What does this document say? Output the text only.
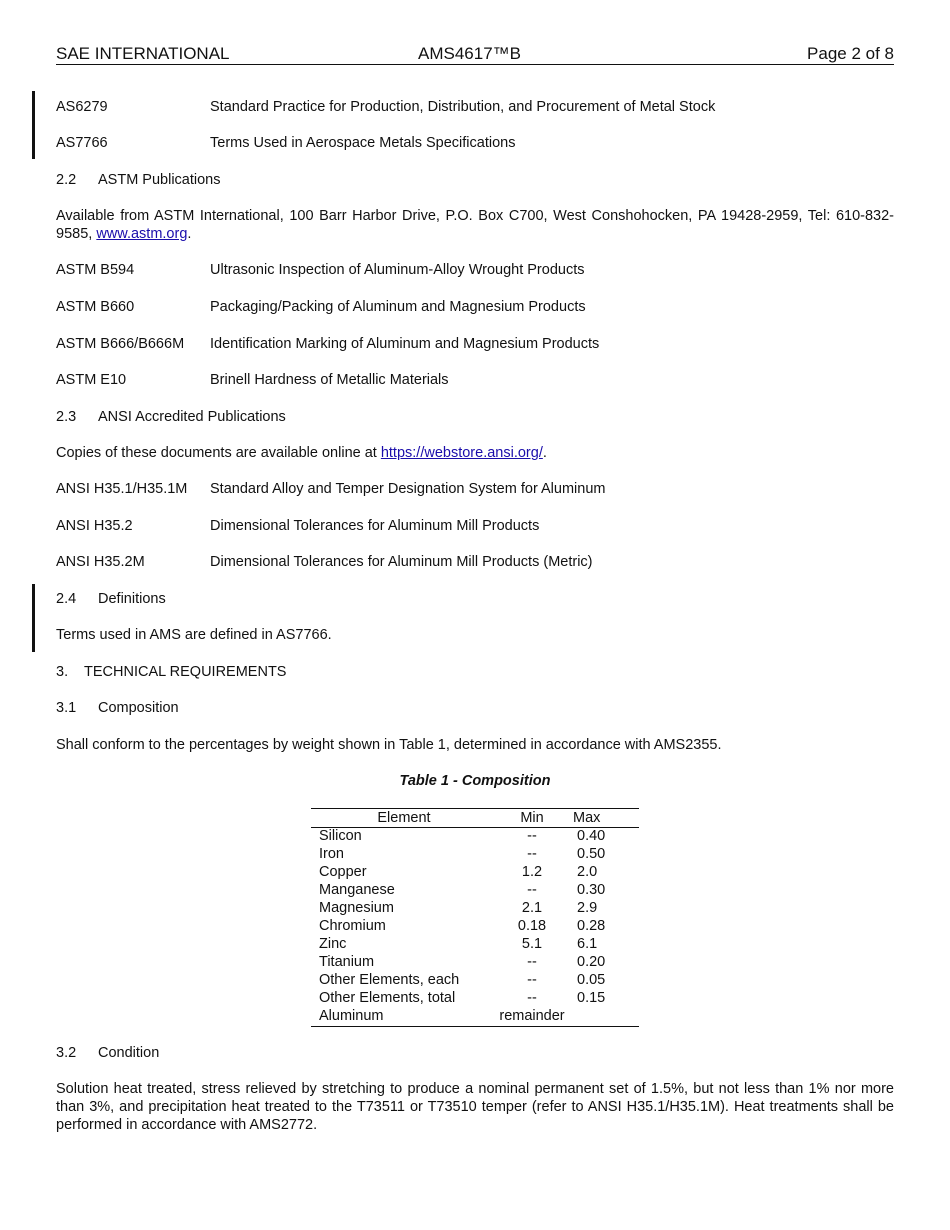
SAE INTERNATIONAL	AMS4617™B	Page 2 of 8
AS6279	Standard Practice for Production, Distribution, and Procurement of Metal Stock
AS7766	Terms Used in Aerospace Metals Specifications
2.2 ASTM Publications
Available from ASTM International, 100 Barr Harbor Drive, P.O. Box C700, West Conshohocken, PA 19428-2959, Tel: 610-832-9585, www.astm.org.
ASTM B594	Ultrasonic Inspection of Aluminum-Alloy Wrought Products
ASTM B660	Packaging/Packing of Aluminum and Magnesium Products
ASTM B666/B666M Identification Marking of Aluminum and Magnesium Products
ASTM E10	Brinell Hardness of Metallic Materials
2.3 ANSI Accredited Publications
Copies of these documents are available online at https://webstore.ansi.org/.
ANSI H35.1/H35.1M Standard Alloy and Temper Designation System for Aluminum
ANSI H35.2	Dimensional Tolerances for Aluminum Mill Products
ANSI H35.2M	Dimensional Tolerances for Aluminum Mill Products (Metric)
2.4 Definitions
Terms used in AMS are defined in AS7766.
3. TECHNICAL REQUIREMENTS
3.1 Composition
Shall conform to the percentages by weight shown in Table 1, determined in accordance with AMS2355.
Table 1 - Composition
Element	Min	Max
Silicon	--	0.40
Iron	--	0.50
Copper	1.2	2.0
Manganese	--	0.30
Magnesium	2.1	2.9
Chromium	0.18	0.28
Zinc	5.1	6.1
Titanium	--	0.20
Other Elements, each	--	0.05
Other Elements, total	--	0.15
Aluminum	remainder	
3.2 Condition
Solution heat treated, stress relieved by stretching to produce a nominal permanent set of 1.5%, but not less than 1% nor more than 3%, and precipitation heat treated to the T73511 or T73510 temper (refer to ANSI H35.1/H35.1M). Heat treatments shall be performed in accordance with AMS2772.
